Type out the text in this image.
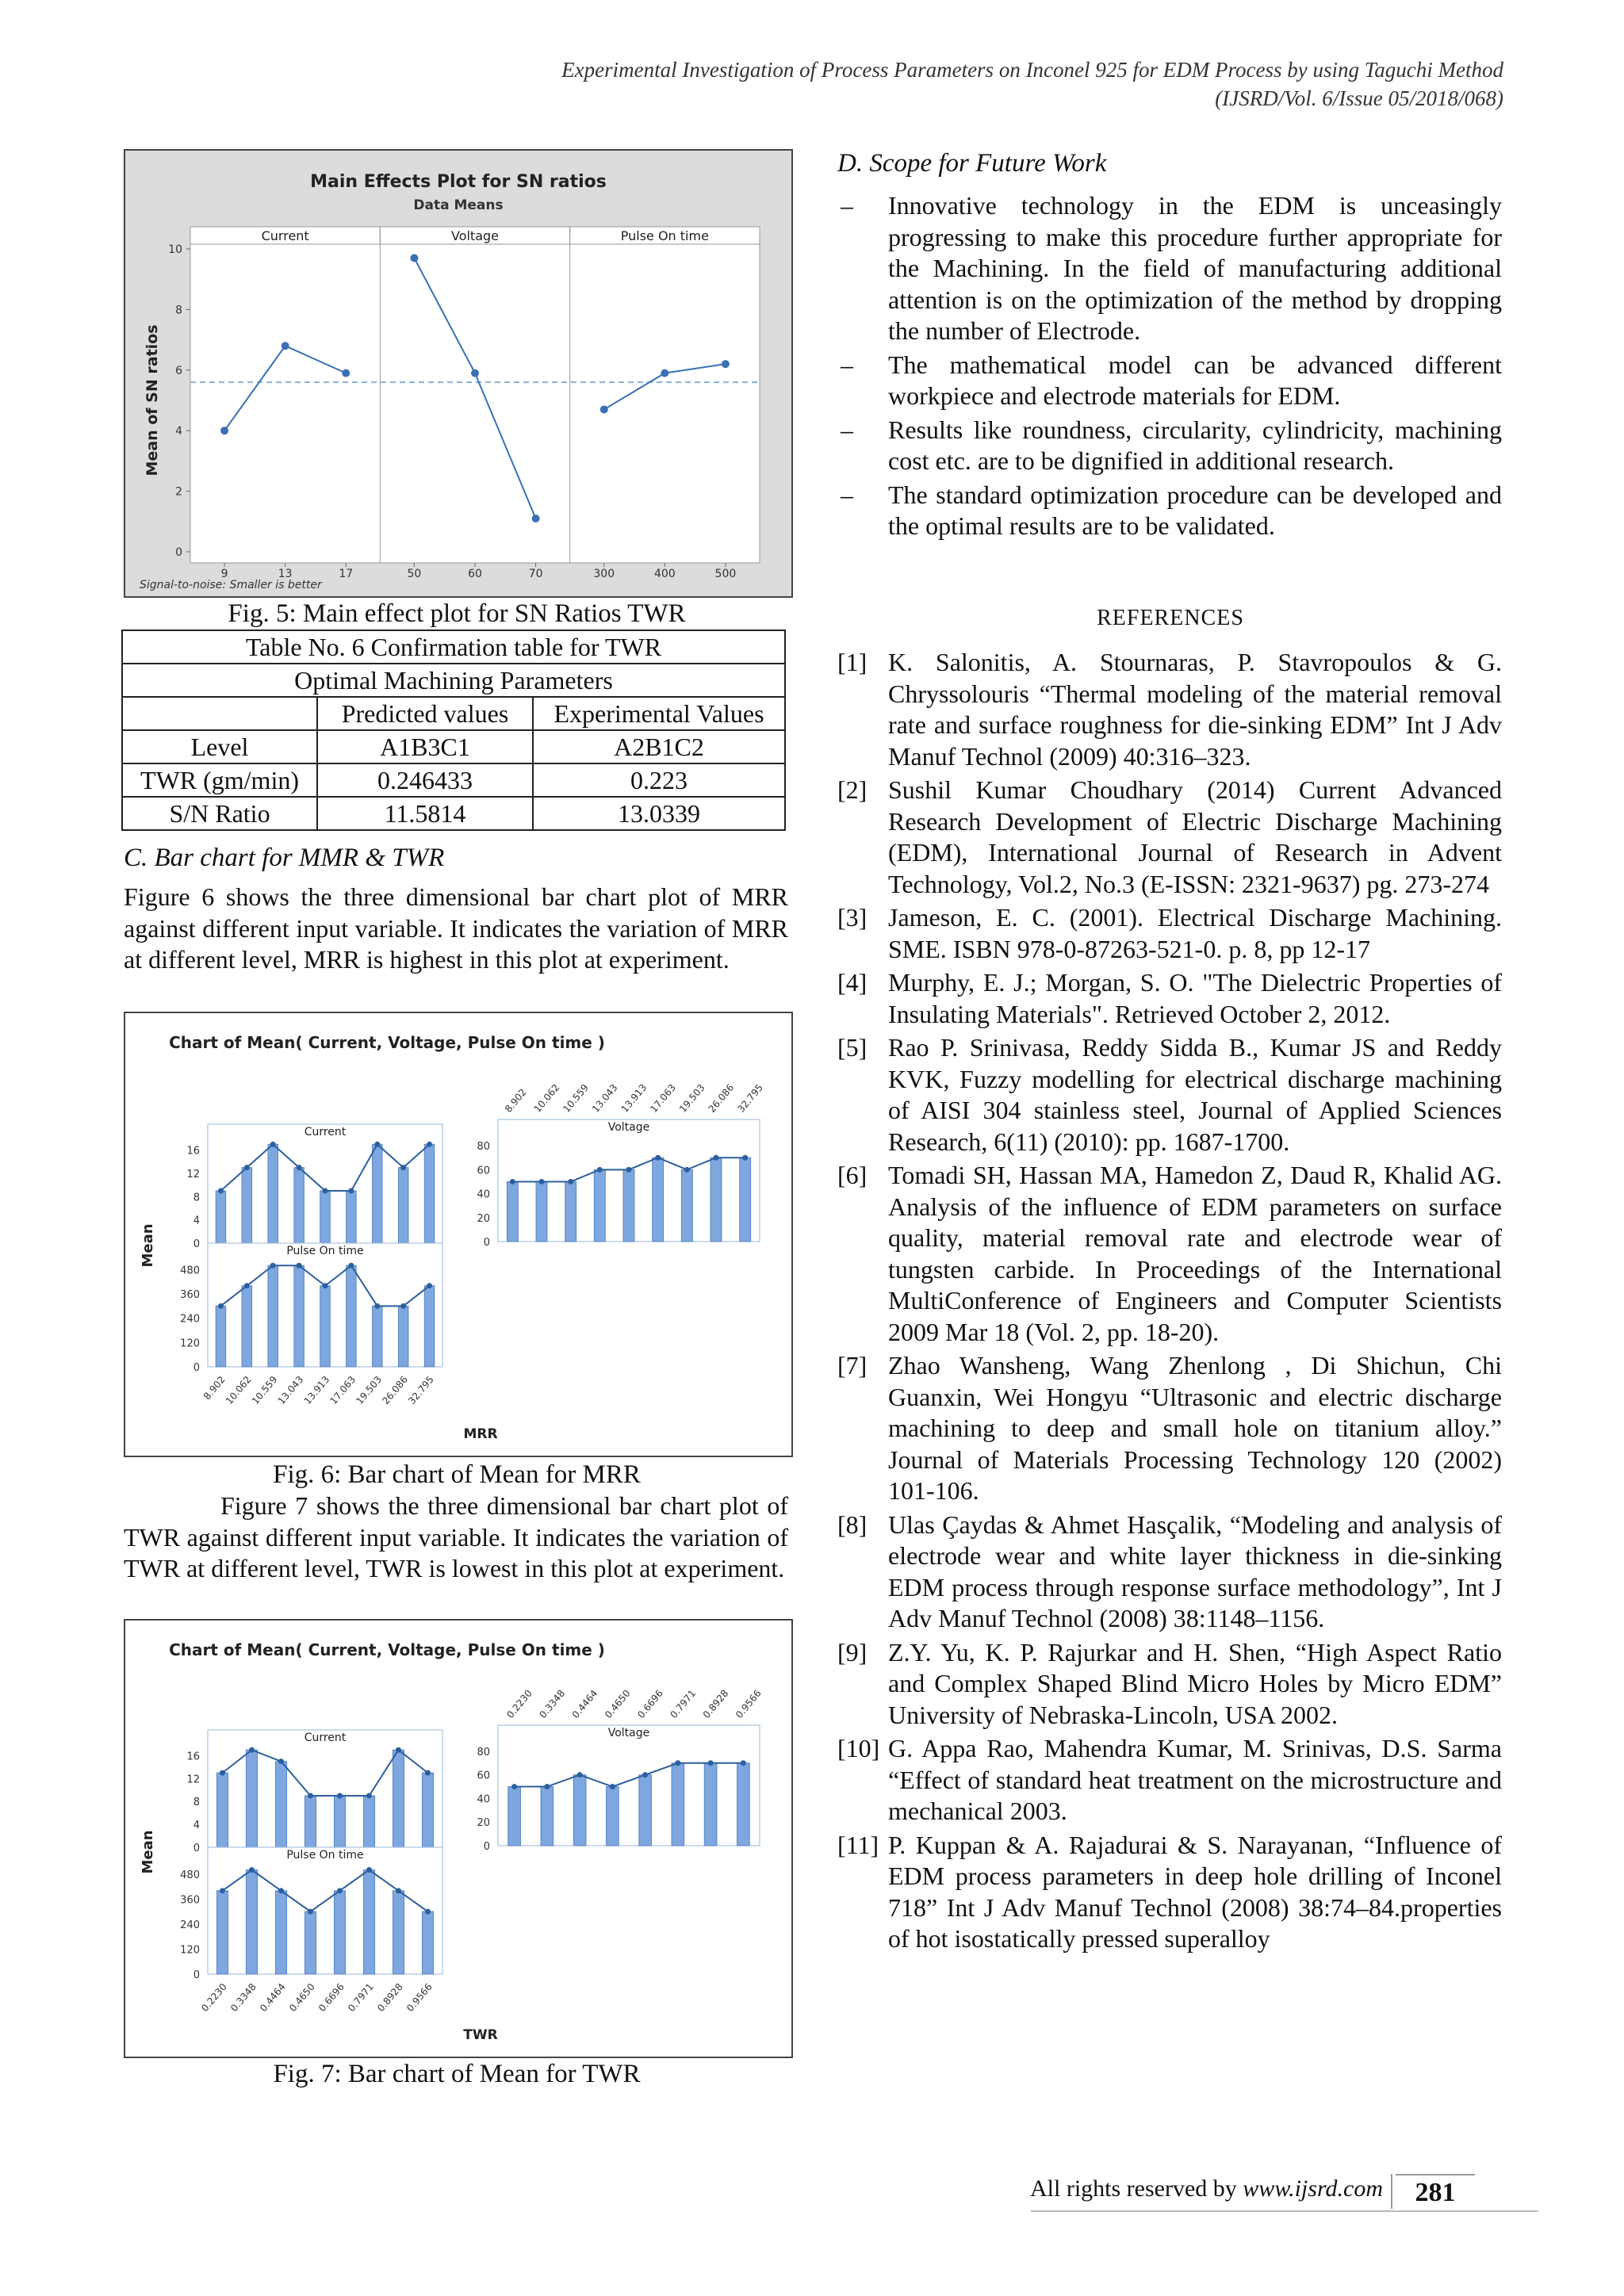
Experimental Investigation of Process Parameters on Inconel 925 for EDM Process by using Taguchi Method
(IJSRD/Vol. 6/Issue 05/2018/068)
Main Effects Plot for SN ratios
Data Means
0
2
4
6
8
10
Mean of SN ratios
Current
9	13	17
Voltage
50	60	70
Pulse On time
300	400	500
Signal-to-noise: Smaller is better
Fig. 5: Main effect plot for SN Ratios TWR
Table No. 6 Confirmation table for TWR		
Optimal Machining Parameters		
	Predicted values	Experimental Values
Level	A1B3C1	A2B1C2
TWR (gm/min)	0.246433	0.223
S/N Ratio	11.5814	13.0339
C. Bar chart for MMR & TWR
Figure 6 shows the three dimensional bar chart plot of MRR against different input variable. It indicates the variation of MRR at different level, MRR is highest in this plot at experiment.
Chart of Mean( Current, Voltage, Pulse On time )
Current
0
4
8
12
16
Pulse On time
0
120
240
360
480
8.902
10.062
10.559
13.043
13.913
17.063
19.503
26.086
32.795
Voltage
0
20
40
60
80
8.902 10.062
10.559
13.043
13.913
17.063
19.503
26.086
32.795
Mean
MRR
Fig. 6: Bar chart of Mean for MRR
Figure 7 shows the three dimensional bar chart plot of TWR against different input variable. It indicates the variation of TWR at different level, TWR is lowest in this plot at experiment.
Chart of Mean( Current, Voltage, Pulse On time )
Current
0
4
8
12
16
Pulse On time
0
120
240
360
480
0.2230 0.3348 0.4464 0.4650 0.6696 0.7971 0.8928 0.9566
Voltage
0
20
40
60
80
0.2230 0.3348 0.4464 0.4650 0.6696 0.7971 0.8928 0.9566
Mean
TWR
Fig. 7: Bar chart of Mean for TWR
D. Scope for Future Work
– Innovative technology in the EDM is unceasingly progressing to make this procedure further appropriate for the Machining. In the field of manufacturing additional attention is on the optimization of the method by dropping the number of Electrode.
– The mathematical model can be advanced different workpiece and electrode materials for EDM.
– Results like roundness, circularity, cylindricity, machining cost etc. are to be dignified in additional research.
– The standard optimization procedure can be developed and the optimal results are to be validated.
REFERENCES
[1] K. Salonitis, A. Stournaras, P. Stavropoulos & G. Chryssolouris “Thermal modeling of the material removal rate and surface roughness for die-sinking EDM” Int J Adv Manuf Technol (2009) 40:316–323.
[2] Sushil Kumar Choudhary (2014) Current Advanced Research Development of Electric Discharge Machining (EDM), International Journal of Research in Advent Technology, Vol.2, No.3 (E-ISSN: 2321-9637) pg. 273-274
[3] Jameson, E. C. (2001). Electrical Discharge Machining. SME. ISBN 978-0-87263-521-0. p. 8, pp 12-17
[4] Murphy, E. J.; Morgan, S. O. "The Dielectric Properties of Insulating Materials". Retrieved October 2, 2012.
[5] Rao P. Srinivasa, Reddy Sidda B., Kumar JS and Reddy KVK, Fuzzy modelling for electrical discharge machining of AISI 304 stainless steel, Journal of Applied Sciences Research, 6(11) (2010): pp. 1687-1700.
[6] Tomadi SH, Hassan MA, Hamedon Z, Daud R, Khalid AG. Analysis of the influence of EDM parameters on surface quality, material removal rate and electrode wear of tungsten carbide. In Proceedings of the International MultiConference of Engineers and Computer Scientists 2009 Mar 18 (Vol. 2, pp. 18-20).
[7] Zhao Wansheng, Wang Zhenlong , Di Shichun, Chi Guanxin, Wei Hongyu “Ultrasonic and electric discharge machining to deep and small hole on titanium alloy.” Journal of Materials Processing Technology 120 (2002) 101-106.
[8] Ulas Çaydas & Ahmet Hasçalik, “Modeling and analysis of electrode wear and white layer thickness in die-sinking EDM process through response surface methodology”, Int J Adv Manuf Technol (2008) 38:1148–1156.
[9] Z.Y. Yu, K. P. Rajurkar and H. Shen, “High Aspect Ratio and Complex Shaped Blind Micro Holes by Micro EDM” University of Nebraska-Lincoln, USA 2002.
[10] G. Appa Rao, Mahendra Kumar, M. Srinivas, D.S. Sarma “Effect of standard heat treatment on the microstructure and mechanical 2003.
[11] P. Kuppan & A. Rajadurai & S. Narayanan, “Influence of EDM process parameters in deep hole drilling of Inconel 718” Int J Adv Manuf Technol (2008) 38:74–84.properties of hot isostatically pressed superalloy
All rights reserved by www.ijsrd.com	281
